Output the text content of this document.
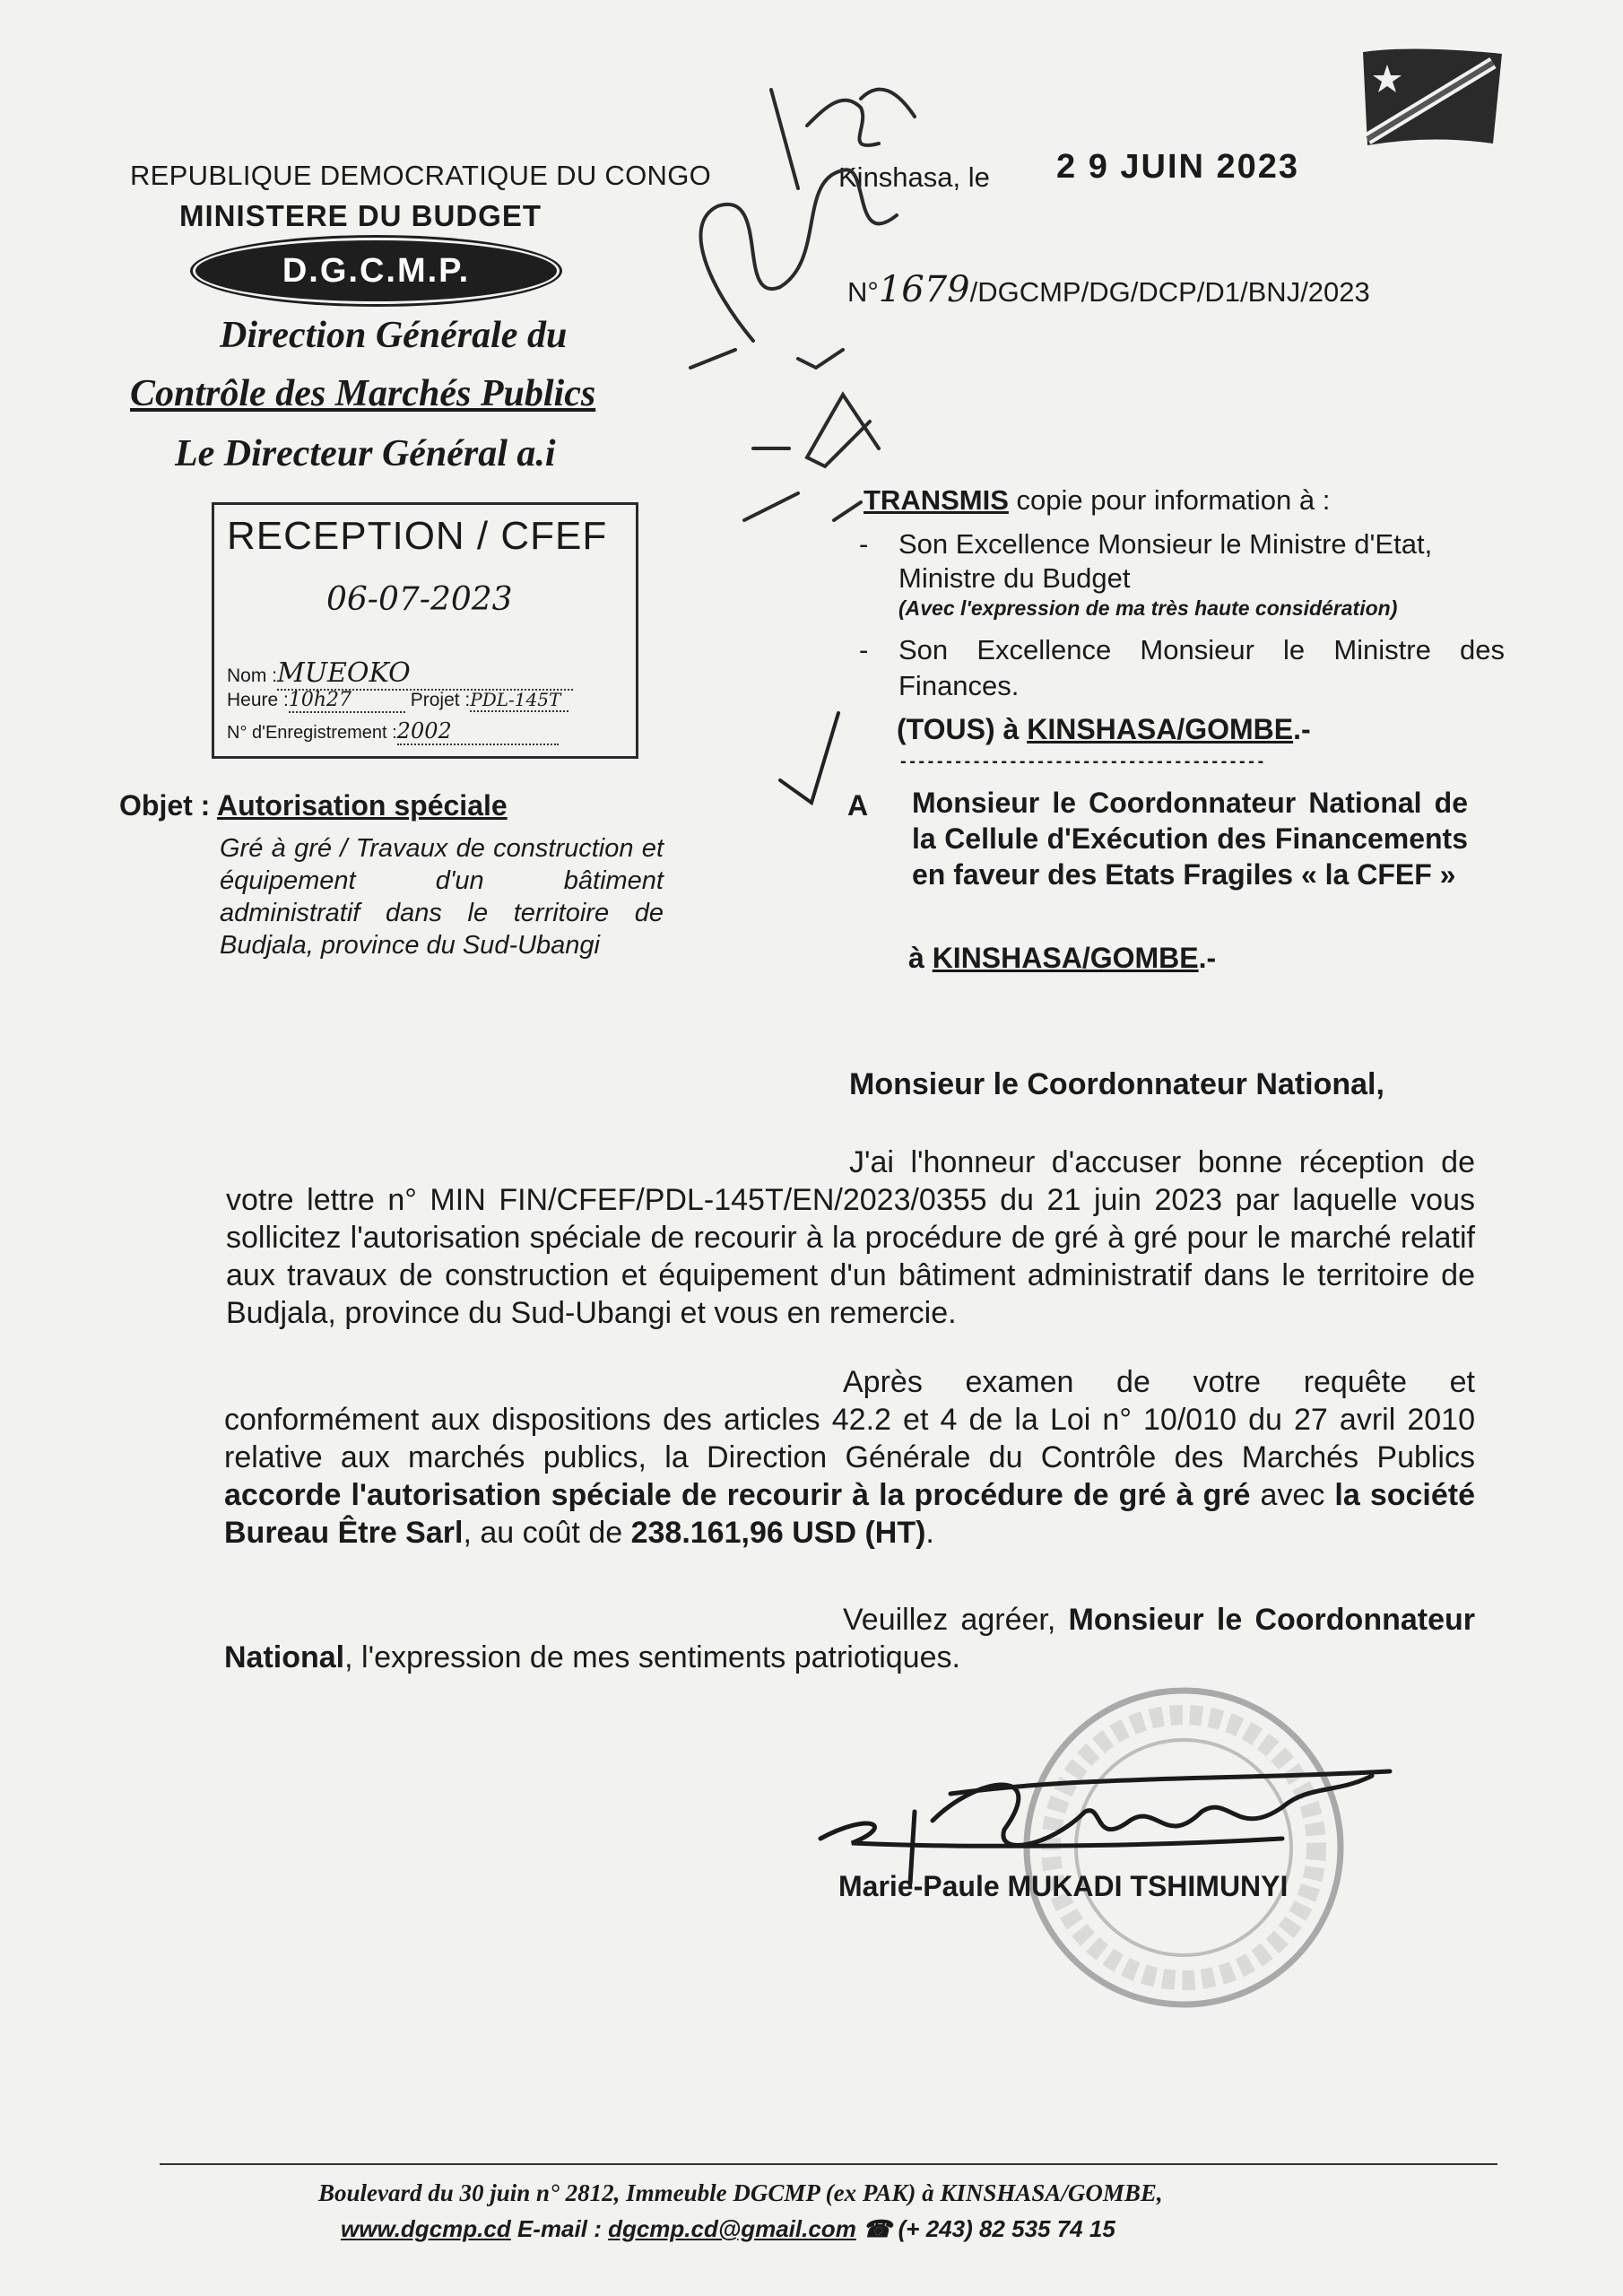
REPUBLIQUE DEMOCRATIQUE DU CONGO
MINISTERE DU BUDGET
D.G.C.M.P.
Direction Générale du
Contrôle des Marchés Publics
Le Directeur Général a.i
Kinshasa, le 2 9 JUIN 2023
N°1679/DGCMP/DG/DCP/D1/BNJ/2023
RECEPTION / CFEF
06-07-2023
Nom :MUEOKO
Heure :10h27	Projet :PDL-145T
N° d'Enregistrement :2002
TRANSMIS copie pour information à :
- Son Excellence Monsieur le Ministre d'Etat,
Ministre du Budget
(Avec l'expression de ma très haute considération)
- Son Excellence Monsieur le Ministre des
Finances.
(TOUS) à KINSHASA/GOMBE.-
- - - - - - - - - - - - - - - - - - - - - - - - - - - - - - - - - - - - - - - -
Objet : Autorisation spéciale
Gré à gré / Travaux de construction et équipement d'un bâtiment administratif dans le territoire de Budjala, province du Sud-Ubangi
A Monsieur le Coordonnateur National de la Cellule d'Exécution des Financements en faveur des Etats Fragiles « la CFEF »
à KINSHASA/GOMBE.-
Monsieur le Coordonnateur National,
J'ai l'honneur d'accuser bonne réception de votre lettre n° MIN FIN/CFEF/PDL-145T/EN/2023/0355 du 21 juin 2023 par laquelle vous sollicitez l'autorisation spéciale de recourir à la procédure de gré à gré pour le marché relatif aux travaux de construction et équipement d'un bâtiment administratif dans le territoire de Budjala, province du Sud-Ubangi et vous en remercie.
Après examen de votre requête et conformément aux dispositions des articles 42.2 et 4 de la Loi n° 10/010 du 27 avril 2010 relative aux marchés publics, la Direction Générale du Contrôle des Marchés Publics accorde l'autorisation spéciale de recourir à la procédure de gré à gré avec la société Bureau Être Sarl, au coût de 238.161,96 USD (HT).
Veuillez agréer, Monsieur le Coordonnateur National, l'expression de mes sentiments patriotiques.
Marie-Paule MUKADI TSHIMUNYI
Boulevard du 30 juin n° 2812, Immeuble DGCMP (ex PAK) à KINSHASA/GOMBE,
www.dgcmp.cd E-mail : dgcmp.cd@gmail.com ☎ (+ 243) 82 535 74 15
